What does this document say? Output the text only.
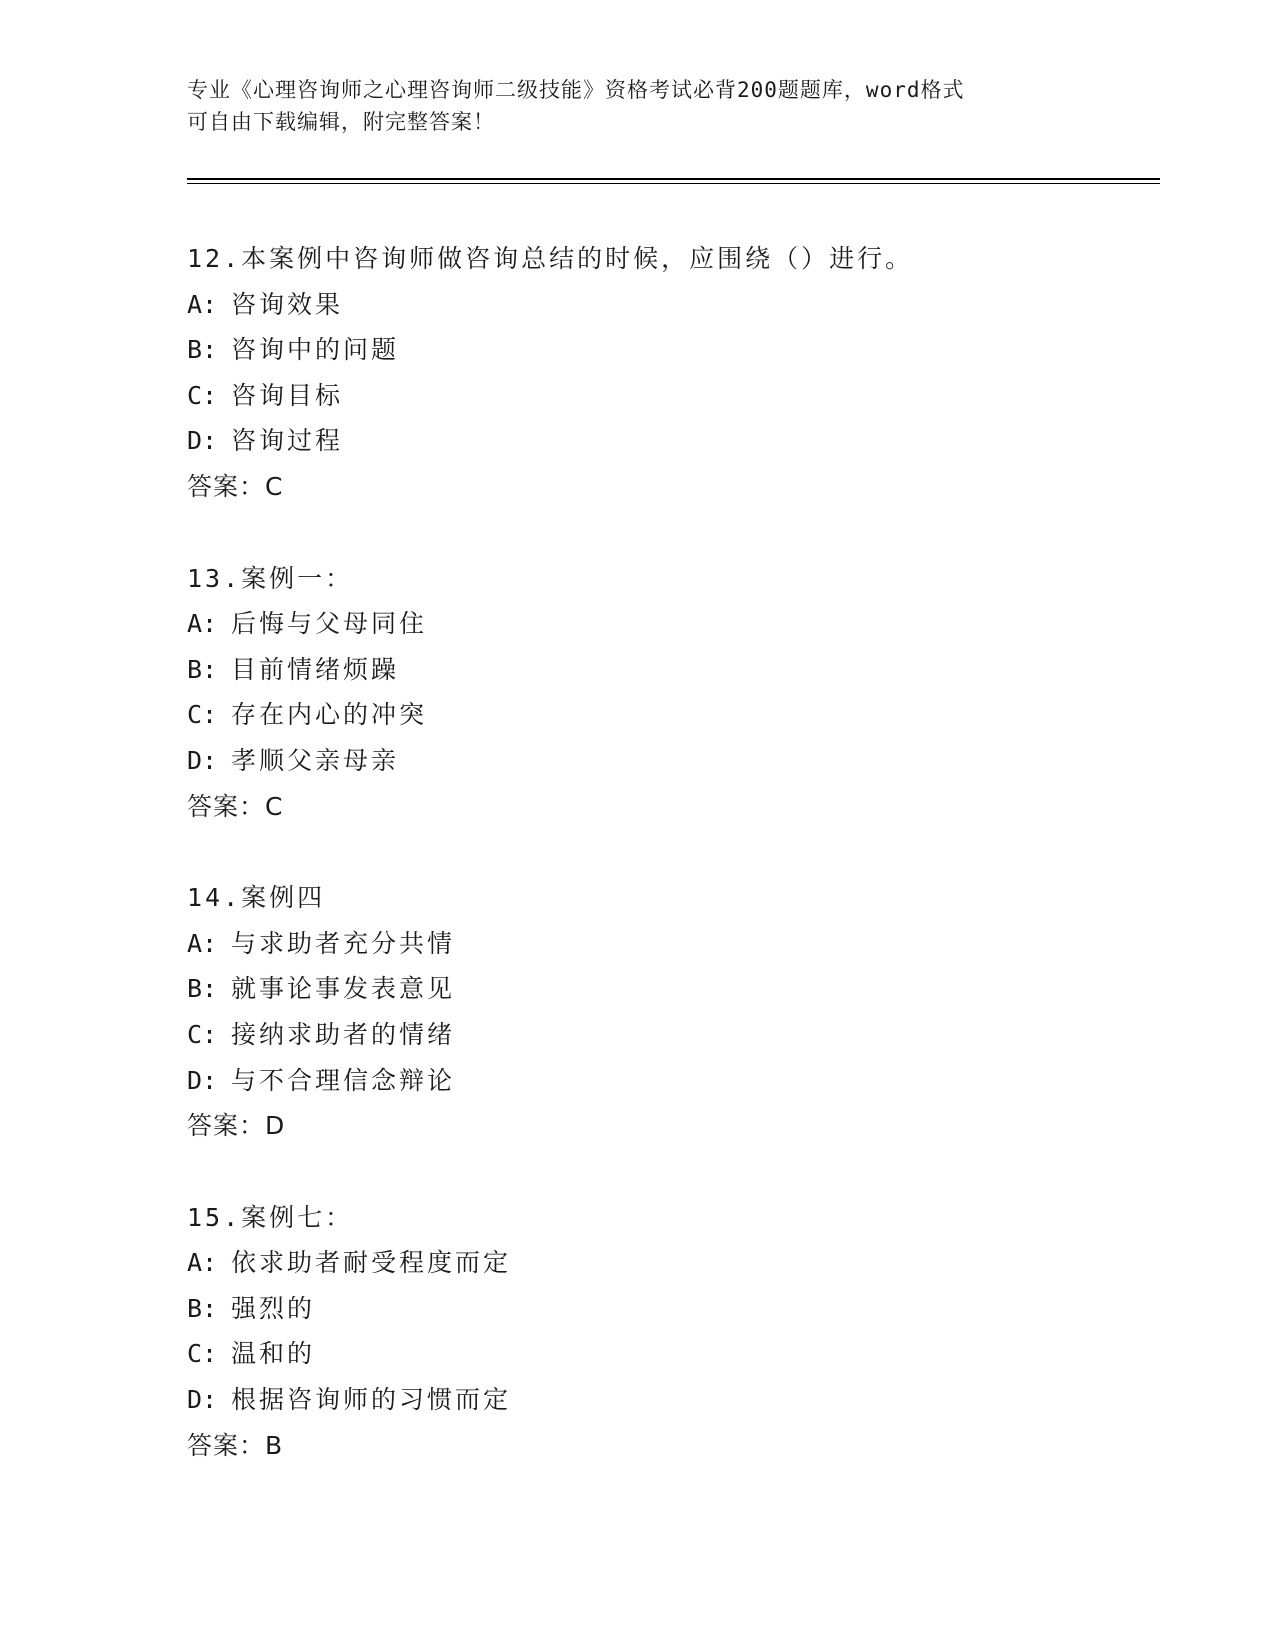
专业《心理咨询师之心理咨询师二级技能》资格考试必背200题题库，word格式
可自由下载编辑，附完整答案！
12.本案例中咨询师做咨询总结的时候，应围绕（）进行。
A: 咨询效果
B: 咨询中的问题
C: 咨询目标
D: 咨询过程
答案：C
13.案例一：
A: 后悔与父母同住
B: 目前情绪烦躁
C: 存在内心的冲突
D: 孝顺父亲母亲
答案：C
14.案例四
A: 与求助者充分共情
B: 就事论事发表意见
C: 接纳求助者的情绪
D: 与不合理信念辩论
答案：D
15.案例七：
A: 依求助者耐受程度而定
B: 强烈的
C: 温和的
D: 根据咨询师的习惯而定
答案：B
